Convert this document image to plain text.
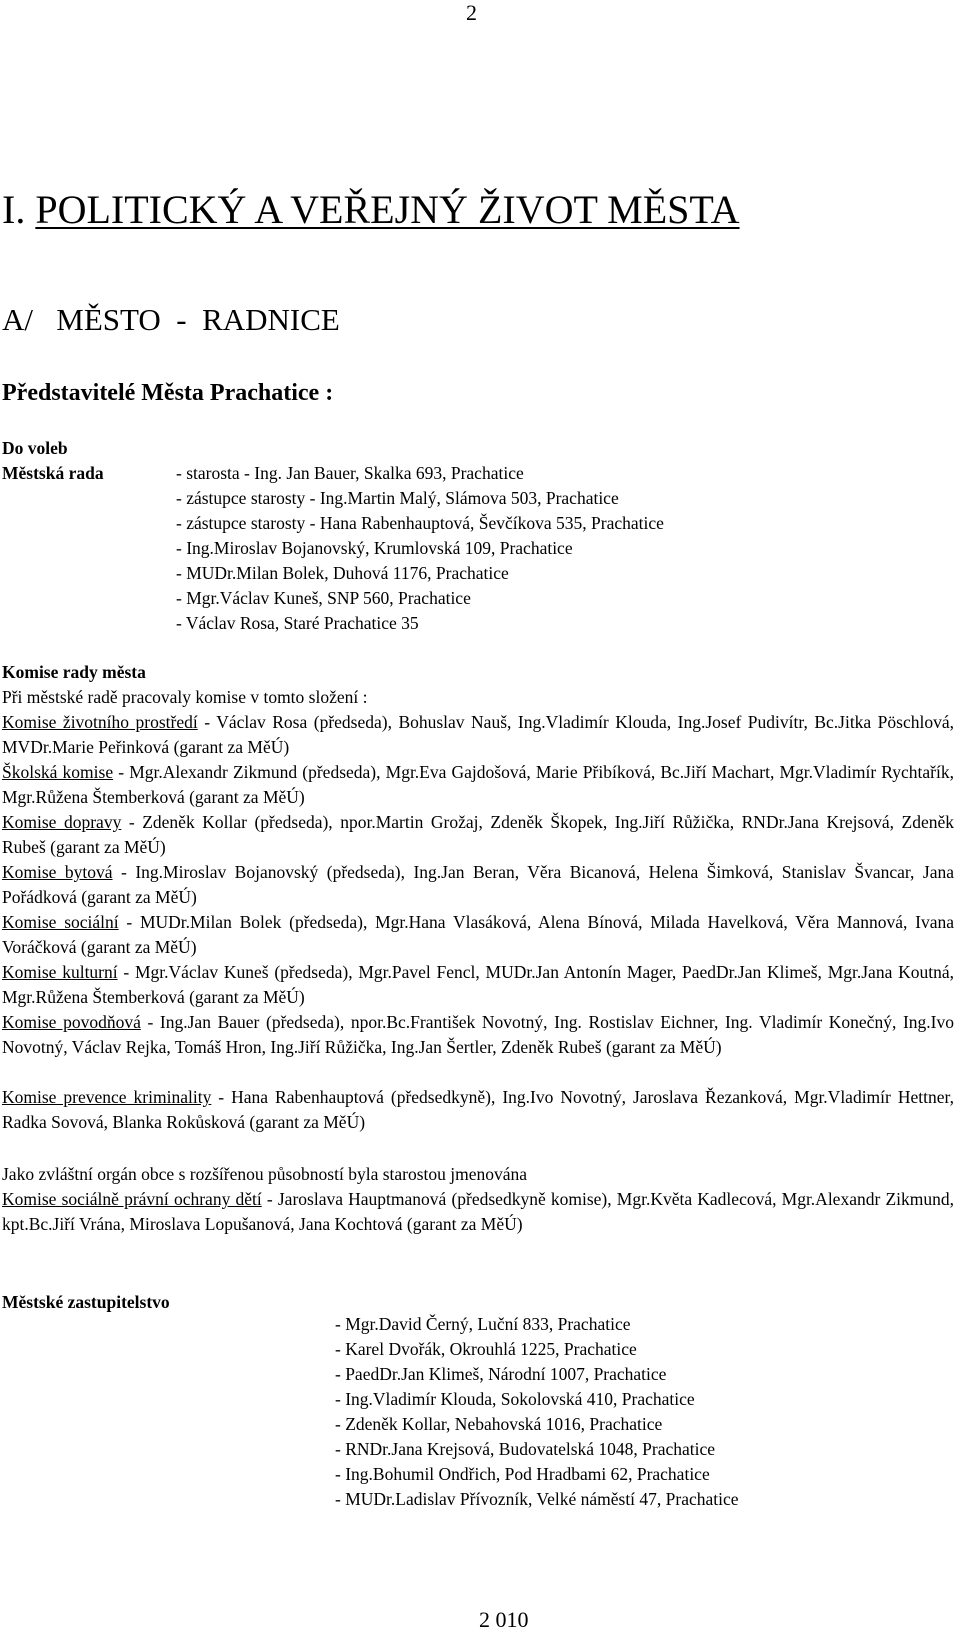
2
I. POLITICKÝ A VEŘEJNÝ ŽIVOT MĚSTA
A/   MĚSTO  -  RADNICE
Představitelé Města Prachatice :
Do voleb
Městská rada	- starosta - Ing. Jan Bauer, Skalka 693, Prachatice
- zástupce starosty - Ing.Martin Malý, Slámova 503, Prachatice
- zástupce starosty - Hana Rabenhauptová, Ševčíkova 535, Prachatice
- Ing.Miroslav Bojanovský, Krumlovská 109, Prachatice
- MUDr.Milan Bolek, Duhová 1176, Prachatice
- Mgr.Václav Kuneš, SNP 560, Prachatice
- Václav Rosa, Staré Prachatice 35
Komise rady města
Při městské radě pracovaly komise v tomto složení :
Komise životního prostředí - Václav Rosa (předseda), Bohuslav Nauš, Ing.Vladimír Klouda, Ing.Josef Pudivítr, Bc.Jitka Pöschlová, MVDr.Marie Peřinková (garant za MěÚ)
Školská komise - Mgr.Alexandr Zikmund (předseda), Mgr.Eva Gajdošová, Marie Přibíková, Bc.Jiří Machart, Mgr.Vladimír Rychtařík, Mgr.Růžena Štemberková (garant za MěÚ)
Komise dopravy - Zdeněk Kollar (předseda), npor.Martin Grožaj, Zdeněk Škopek, Ing.Jiří Růžička, RNDr.Jana Krejsová, Zdeněk Rubeš (garant za MěÚ)
Komise bytová - Ing.Miroslav Bojanovský (předseda), Ing.Jan Beran, Věra Bicanová, Helena Šimková, Stanislav Švancar, Jana Pořádková (garant za MěÚ)
Komise sociální - MUDr.Milan Bolek (předseda), Mgr.Hana Vlasáková, Alena Bínová, Milada Havelková, Věra Mannová, Ivana Voráčková (garant za MěÚ)
Komise kulturní - Mgr.Václav Kuneš (předseda), Mgr.Pavel Fencl, MUDr.Jan Antonín Mager, PaedDr.Jan Klimeš, Mgr.Jana Koutná, Mgr.Růžena Štemberková (garant za MěÚ)
Komise povodňová - Ing.Jan Bauer (předseda), npor.Bc.František Novotný, Ing. Rostislav Eichner, Ing. Vladimír Konečný, Ing.Ivo Novotný, Václav Rejka, Tomáš Hron, Ing.Jiří Růžička, Ing.Jan Šertler, Zdeněk Rubeš (garant za MěÚ)
Komise prevence kriminality - Hana Rabenhauptová (předsedkyně), Ing.Ivo Novotný, Jaroslava Řezanková, Mgr.Vladimír Hettner, Radka Sovová, Blanka Rokůsková (garant za MěÚ)
Jako zvláštní orgán obce s rozšířenou působností byla starostou jmenována
Komise sociálně právní ochrany dětí - Jaroslava Hauptmanová (předsedkyně komise), Mgr.Květa Kadlecová, Mgr.Alexandr Zikmund, kpt.Bc.Jiří Vrána, Miroslava Lopušanová, Jana Kochtová (garant za MěÚ)
Městské zastupitelstvo
- Mgr.David Černý, Luční 833, Prachatice
- Karel Dvořák, Okrouhlá 1225, Prachatice
- PaedDr.Jan Klimeš, Národní 1007, Prachatice
- Ing.Vladimír Klouda, Sokolovská 410, Prachatice
- Zdeněk Kollar, Nebahovská 1016, Prachatice
- RNDr.Jana Krejsová, Budovatelská 1048, Prachatice
- Ing.Bohumil Ondřich, Pod Hradbami 62, Prachatice
- MUDr.Ladislav Přívozník, Velké náměstí 47, Prachatice
2 010
